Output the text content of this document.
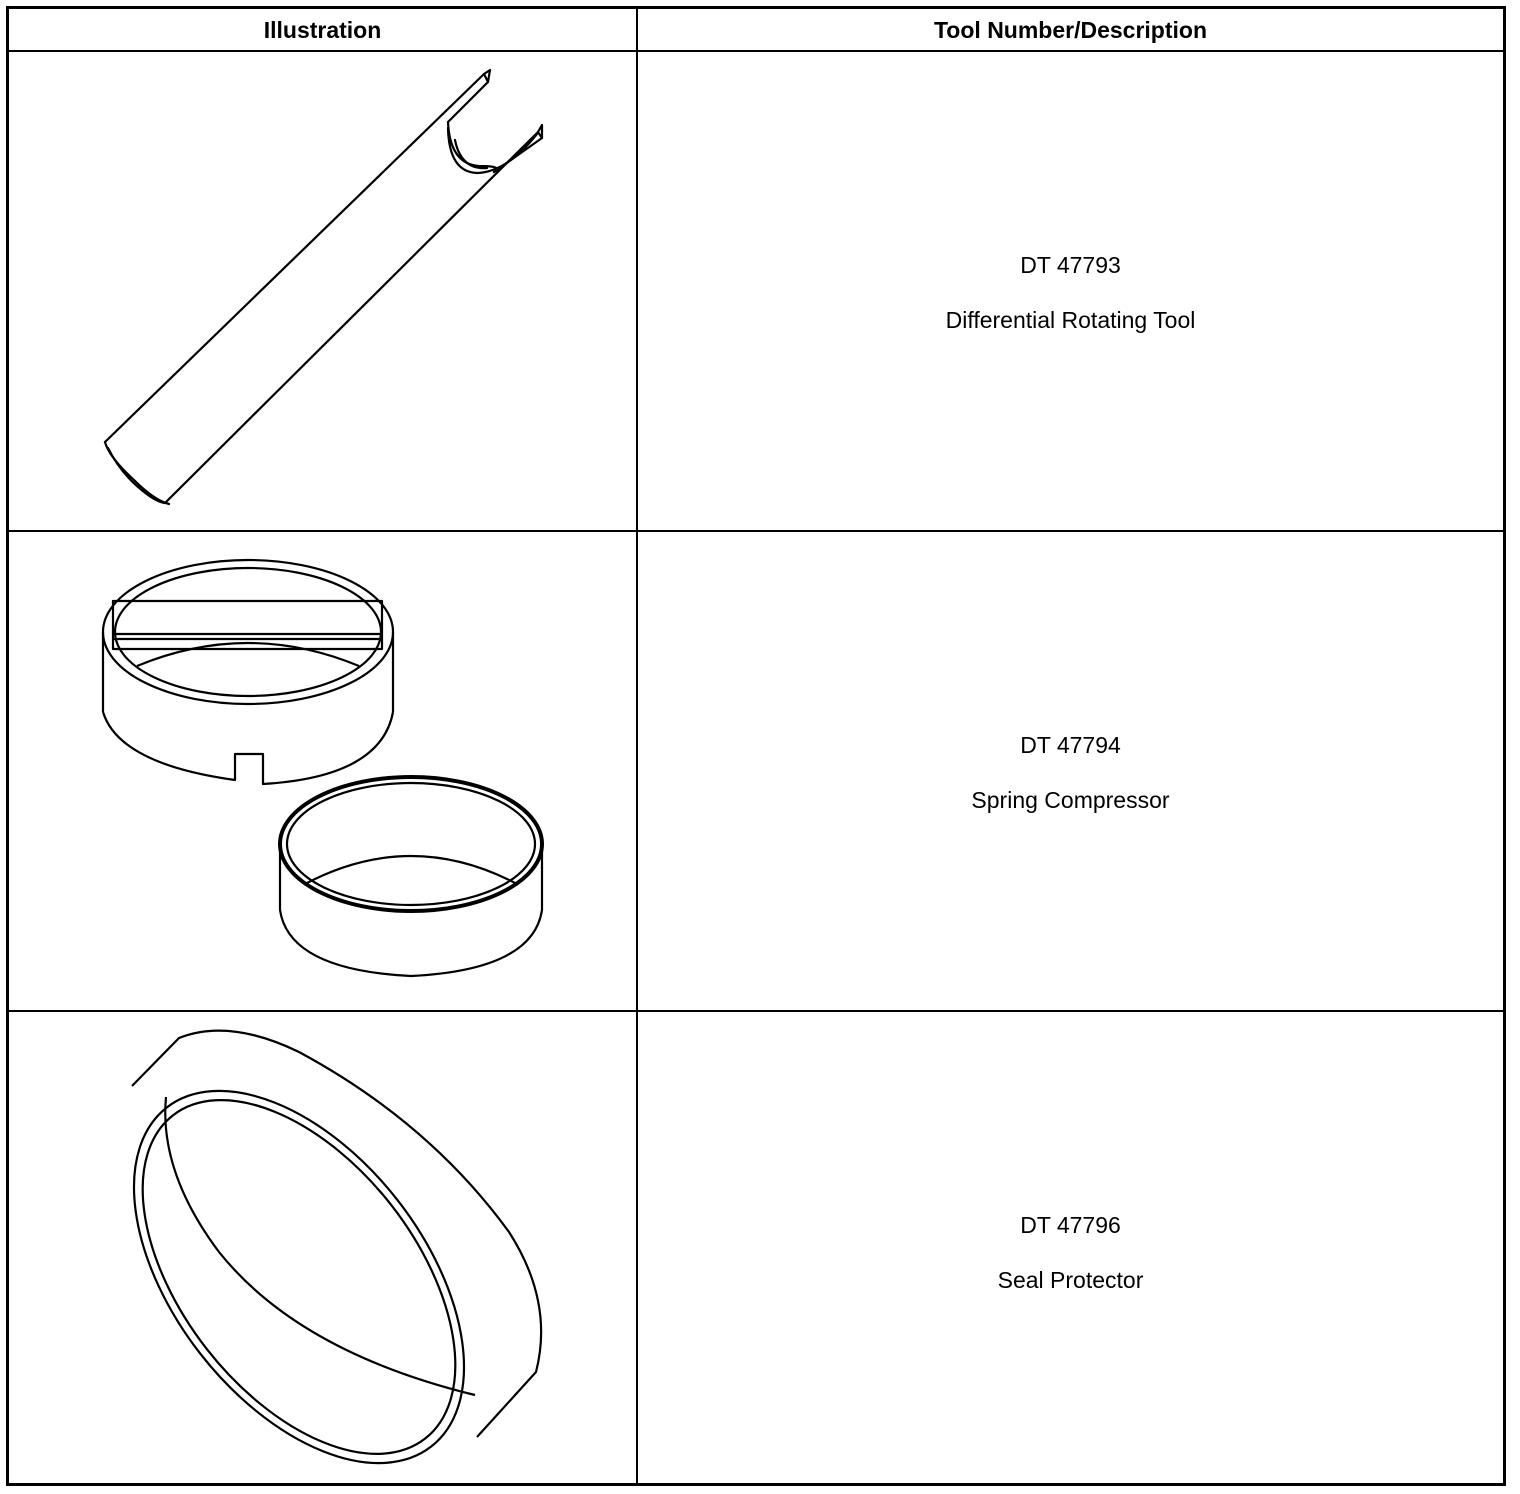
Illustration	Tool Number/Description
DT 47793
Differential Rotating Tool
DT 47794
Spring Compressor
DT 47796
Seal Protector
